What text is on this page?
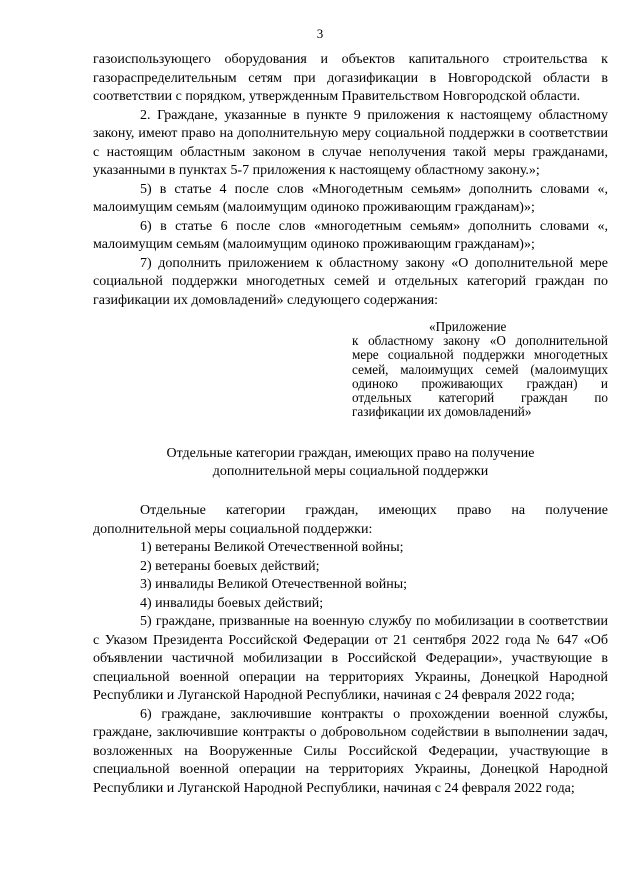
3

газоиспользующего оборудования и объектов капитального строительства к газораспределительным сетям при догазификации в Новгородской области в соответствии с порядком, утвержденным Правительством Новгородской области.

2. Граждане, указанные в пункте 9 приложения к настоящему областному закону, имеют право на дополнительную меру социальной поддержки в соответствии с настоящим областным законом в случае неполучения такой меры гражданами, указанными в пунктах 5-7 приложения к настоящему областному закону.»;

5) в статье 4 после слов «Многодетным семьям» дополнить словами «, малоимущим семьям (малоимущим одиноко проживающим гражданам)»;

6) в статье 6 после слов «многодетным семьям» дополнить словами «, малоимущим семьям (малоимущим одиноко проживающим гражданам)»;

7) дополнить приложением к областному закону «О дополнительной мере социальной поддержки многодетных семей и отдельных категорий граждан по газификации их домовладений» следующего содержания:

«Приложение
к областному закону «О дополнительной мере социальной поддержки многодетных семей, малоимущих семей (малоимущих одиноко проживающих граждан) и отдельных категорий граждан по газификации их домовладений»

Отдельные категории граждан, имеющих право на получение
дополнительной меры социальной поддержки

Отдельные категории граждан, имеющих право на получение дополнительной меры социальной поддержки:

1) ветераны Великой Отечественной войны;

2) ветераны боевых действий;

3) инвалиды Великой Отечественной войны;

4) инвалиды боевых действий;

5) граждане, призванные на военную службу по мобилизации в соответствии с Указом Президента Российской Федерации от 21 сентября 2022 года № 647 «Об объявлении частичной мобилизации в Российской Федерации», участвующие в специальной военной операции на территориях Украины, Донецкой Народной Республики и Луганской Народной Республики, начиная с 24 февраля 2022 года;

6) граждане, заключившие контракты о прохождении военной службы, граждане, заключившие контракты о добровольном содействии в выполнении задач, возложенных на Вооруженные Силы Российской Федерации, участвующие в специальной военной операции на территориях Украины, Донецкой Народной Республики и Луганской Народной Республики, начиная с 24 февраля 2022 года;
